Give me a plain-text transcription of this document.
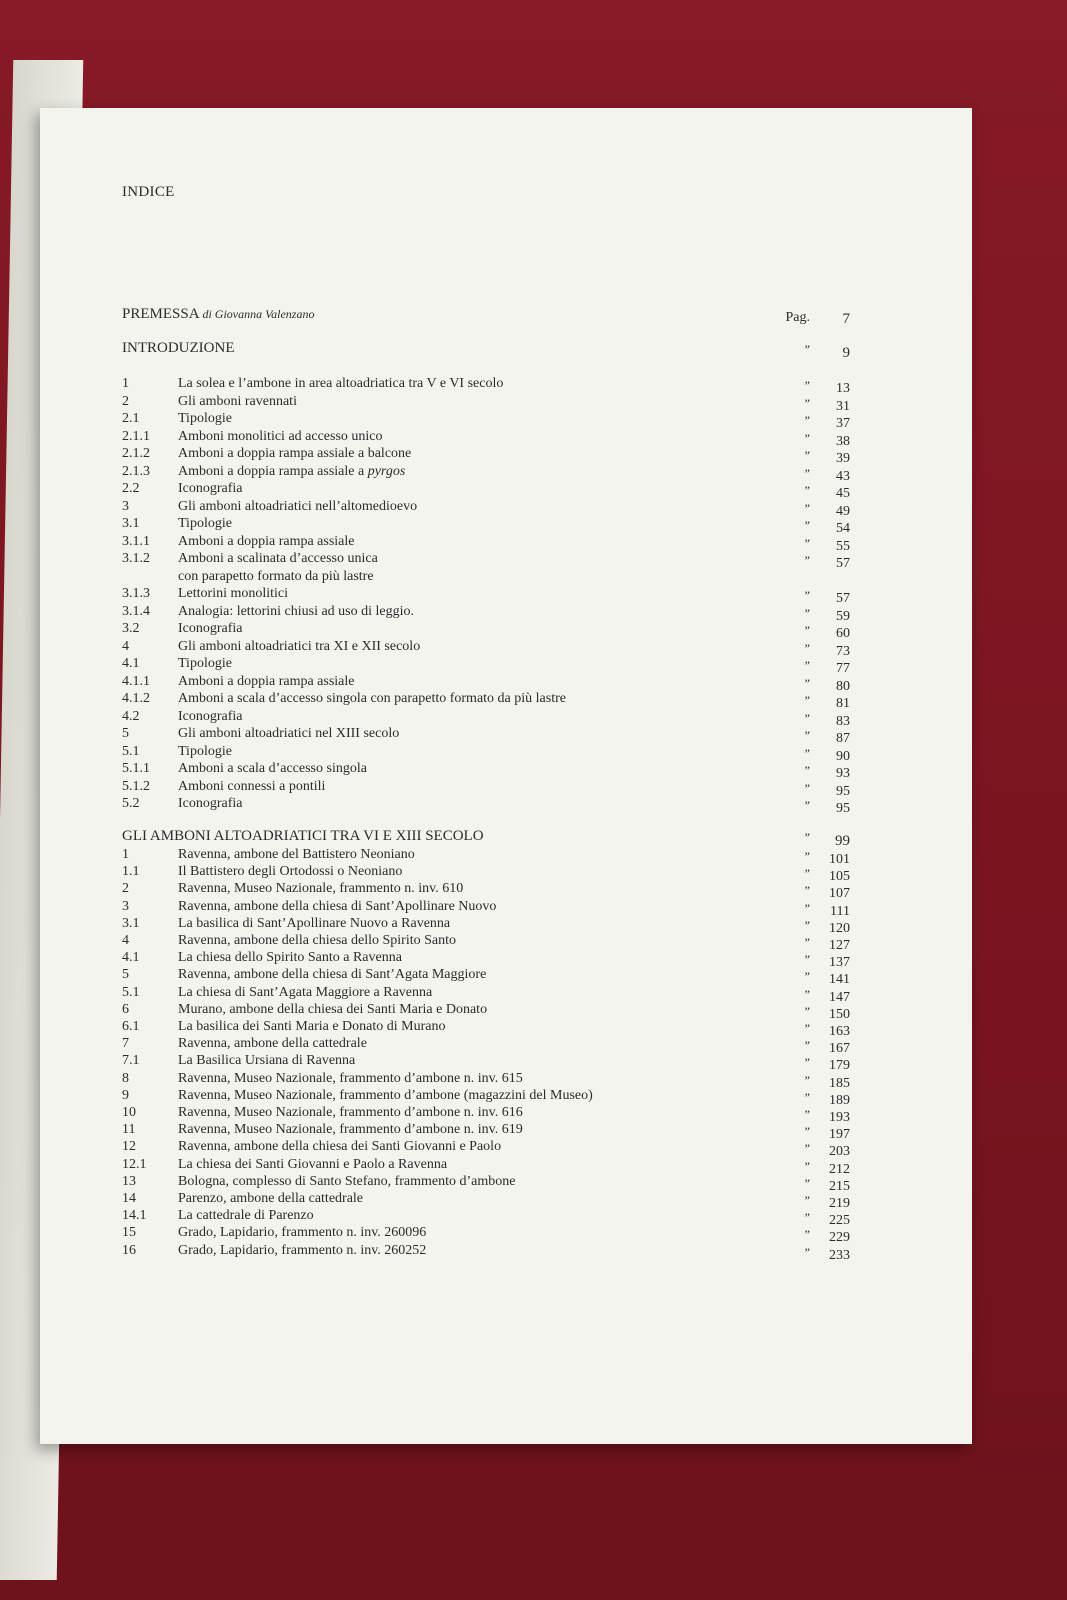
INDICE
PREMESSA di Giovanna Valenzano	Pag. 7
INTRODUZIONE	” 9
1	La solea e l’ambone in area altoadriatica tra V e VI secolo	” 13
2	Gli amboni ravennati	” 31
2.1	Tipologie	” 37
2.1.1 Amboni monolitici ad accesso unico	” 38
2.1.2 Amboni a doppia rampa assiale a balcone	” 39
2.1.3 Amboni a doppia rampa assiale a pyrgos	” 43
2.2	Iconografia	” 45
3	Gli amboni altoadriatici nell’altomedioevo	” 49
3.1	Tipologie	” 54
3.1.1 Amboni a doppia rampa assiale	” 55
3.1.2 Amboni a scalinata d’accesso unica	” 57
con parapetto formato da più lastre
3.1.3 Lettorini monolitici	” 57
3.1.4 Analogia: lettorini chiusi ad uso di leggio.	” 59
3.2	Iconografia	” 60
4	Gli amboni altoadriatici tra XI e XII secolo	” 73
4.1	Tipologie	” 77
4.1.1 Amboni a doppia rampa assiale	” 80
4.1.2 Amboni a scala d’accesso singola con parapetto formato da più lastre	” 81
4.2	Iconografia	” 83
5	Gli amboni altoadriatici nel XIII secolo	” 87
5.1	Tipologie	” 90
5.1.1 Amboni a scala d’accesso singola	” 93
5.1.2 Amboni connessi a pontili	” 95
5.2	Iconografia	” 95
GLI AMBONI ALTOADRIATICI TRA VI E XIII SECOLO	” 99
1	Ravenna, ambone del Battistero Neoniano	” 101
1.1	Il Battistero degli Ortodossi o Neoniano	” 105
2	Ravenna, Museo Nazionale, frammento n. inv. 610	” 107
3	Ravenna, ambone della chiesa di Sant’Apollinare Nuovo	” 111
3.1	La basilica di Sant’Apollinare Nuovo a Ravenna	” 120
4	Ravenna, ambone della chiesa dello Spirito Santo	” 127
4.1	La chiesa dello Spirito Santo a Ravenna	” 137
5	Ravenna, ambone della chiesa di Sant’Agata Maggiore	” 141
5.1	La chiesa di Sant’Agata Maggiore a Ravenna	” 147
6	Murano, ambone della chiesa dei Santi Maria e Donato	” 150
6.1	La basilica dei Santi Maria e Donato di Murano	” 163
7	Ravenna, ambone della cattedrale	” 167
7.1	La Basilica Ursiana di Ravenna	” 179
8	Ravenna, Museo Nazionale, frammento d’ambone n. inv. 615	” 185
9	Ravenna, Museo Nazionale, frammento d’ambone (magazzini del Museo)	” 189
10	Ravenna, Museo Nazionale, frammento d’ambone n. inv. 616	” 193
11	Ravenna, Museo Nazionale, frammento d’ambone n. inv. 619	” 197
12	Ravenna, ambone della chiesa dei Santi Giovanni e Paolo	” 203
12.1 La chiesa dei Santi Giovanni e Paolo a Ravenna	” 212
13	Bologna, complesso di Santo Stefano, frammento d’ambone	” 215
14	Parenzo, ambone della cattedrale	” 219
14.1 La cattedrale di Parenzo	” 225
15	Grado, Lapidario, frammento n. inv. 260096	” 229
16	Grado, Lapidario, frammento n. inv. 260252	” 233
